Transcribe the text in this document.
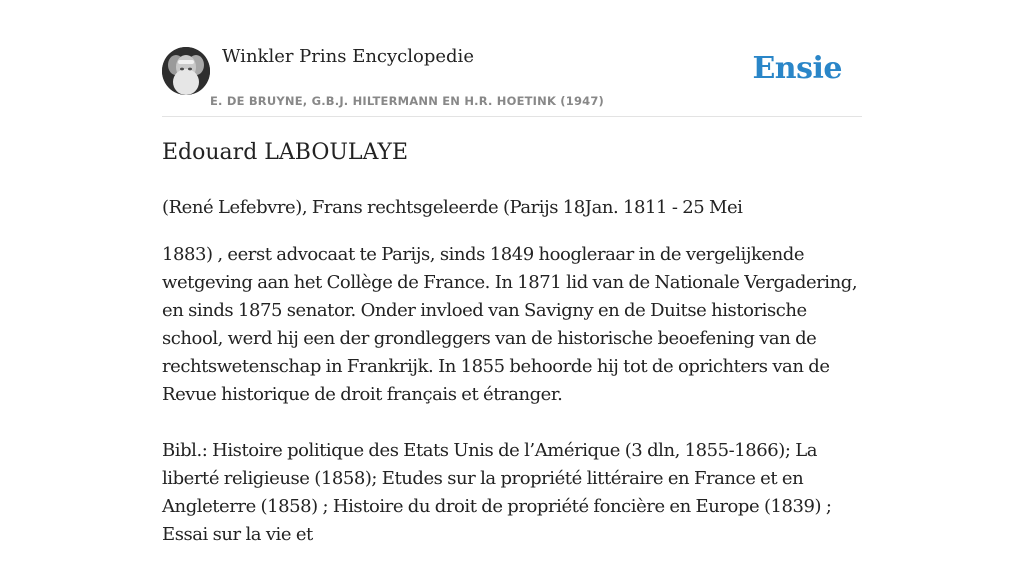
Winkler Prins Encyclopedie
E. DE BRUYNE, G.B.J. HILTERMANN EN H.R. HOETINK (1947)
Ensie
Edouard LABOULAYE

(René Lefebvre), Frans rechtsgeleerde (Parijs 18Jan. 1811 - 25 Mei

1883) , eerst advocaat te Parijs, sinds 1849 hoogleraar in de vergelijkende wetgeving aan het Collège de France. In 1871 lid van de Nationale Vergadering, en sinds 1875 senator. Onder invloed van Savigny en de Duitse historische school, werd hij een der grondleggers van de historische beoefening van de rechtswetenschap in Frankrijk. In 1855 behoorde hij tot de oprichters van de Revue historique de droit français et étranger.

Bibl.: Histoire politique des Etats Unis de l’Amérique (3 dln, 1855-1866); La liberté religieuse (1858); Etudes sur la propriété littéraire en France et en Angleterre (1858) ; Histoire du droit de propriété foncière en Europe (1839) ; Essai sur la vie et
